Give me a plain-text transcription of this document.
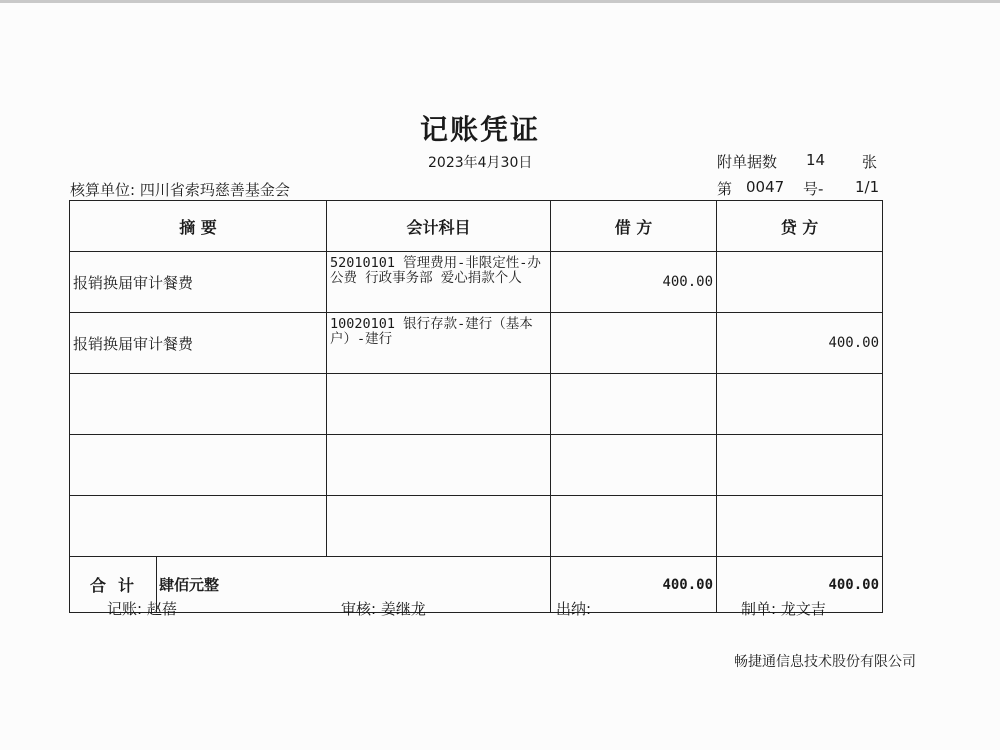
记账凭证
2023年4月30日	附单据数 14 张
核算单位: 四川省索玛慈善基金会	第 0047 号- 1/1
摘 要		会计科目	借 方	贷 方
报销换届审计餐费		52010101 管理费用-非限定性-办公费 行政事务部 爱心捐款个人	400.00	
报销换届审计餐费		10020101 银行存款-建行（基本户）-建行		400.00

合计	肆佰元整		400.00	400.00
记账: 赵蓓	审核: 姜继龙	出纳:	制单: 龙文吉
畅捷通信息技术股份有限公司
